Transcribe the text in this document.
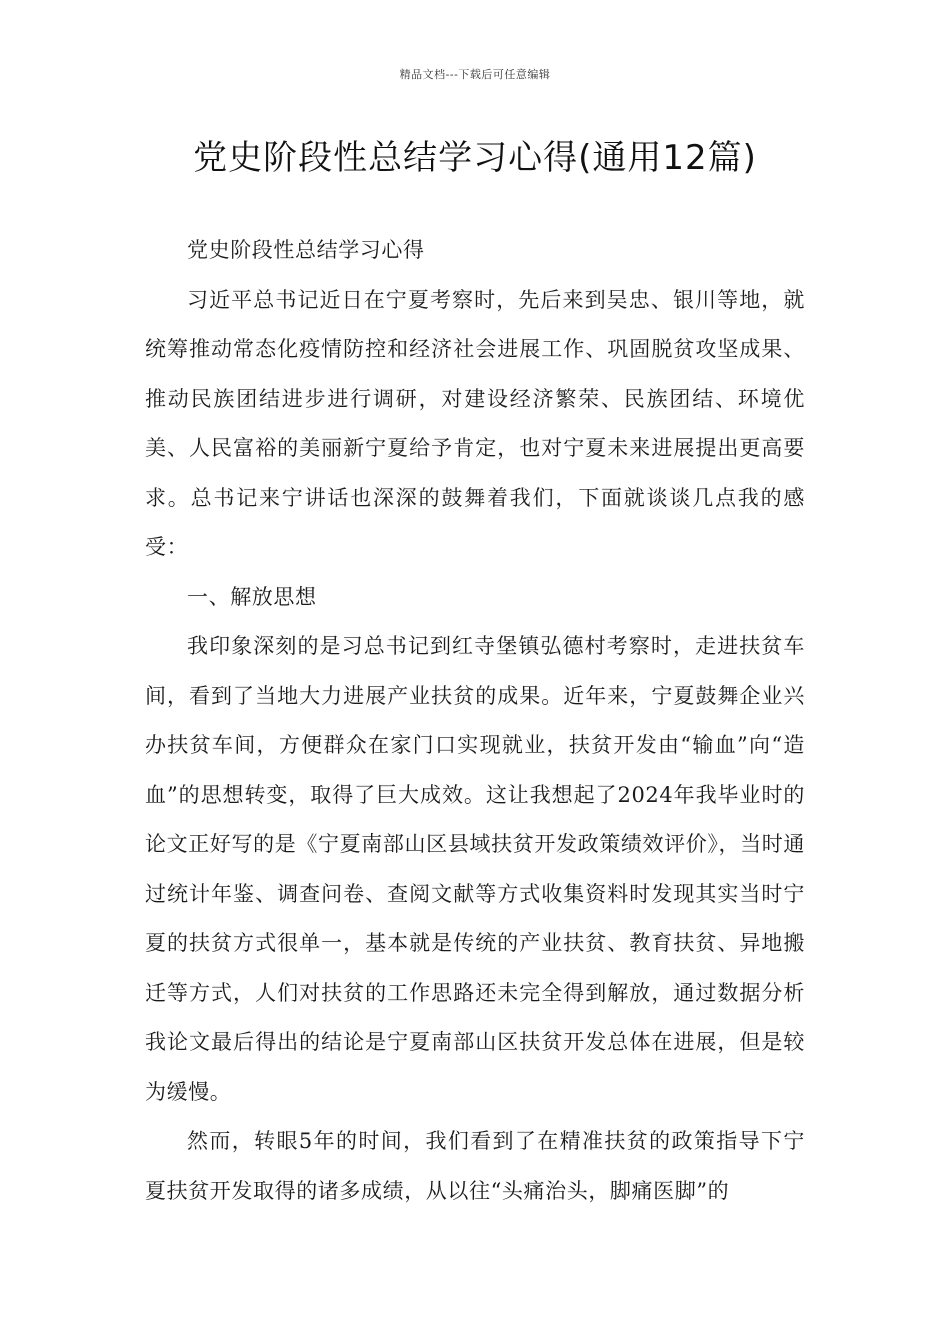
精品文档---下载后可任意编辑
党史阶段性总结学习心得(通用12篇)

党史阶段性总结学习心得

习近平总书记近日在宁夏考察时，先后来到吴忠、银川等地，就统筹推动常态化疫情防控和经济社会进展工作、巩固脱贫攻坚成果、推动民族团结进步进行调研，对建设经济繁荣、民族团结、环境优美、人民富裕的美丽新宁夏给予肯定，也对宁夏未来进展提出更高要求。总书记来宁讲话也深深的鼓舞着我们，下面就谈谈几点我的感受：

一、解放思想

我印象深刻的是习总书记到红寺堡镇弘德村考察时，走进扶贫车间，看到了当地大力进展产业扶贫的成果。近年来，宁夏鼓舞企业兴办扶贫车间，方便群众在家门口实现就业，扶贫开发由“输血”向“造血”的思想转变，取得了巨大成效。这让我想起了2024年我毕业时的论文正好写的是《宁夏南部山区县域扶贫开发政策绩效评价》，当时通过统计年鉴、调查问卷、查阅文献等方式收集资料时发现其实当时宁夏的扶贫方式很单一，基本就是传统的产业扶贫、教育扶贫、异地搬迁等方式，人们对扶贫的工作思路还未完全得到解放，通过数据分析我论文最后得出的结论是宁夏南部山区扶贫开发总体在进展，但是较为缓慢。

然而，转眼5年的时间，我们看到了在精准扶贫的政策指导下宁夏扶贫开发取得的诸多成绩，从以往“头痛治头，脚痛医脚”的
